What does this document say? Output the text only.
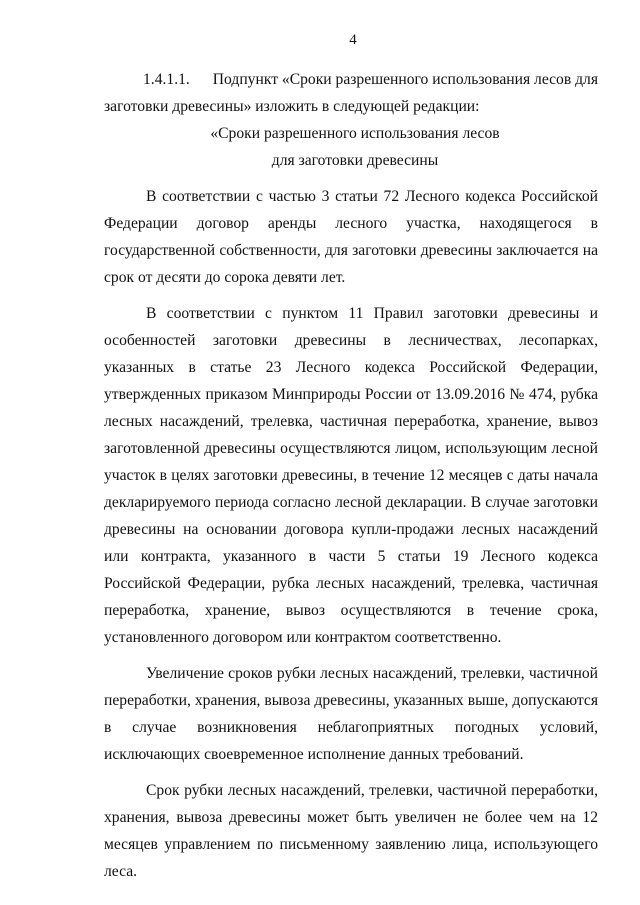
4
1.4.1.1.	Подпункт «Сроки разрешенного использования лесов для

заготовки древесины» изложить в следующей редакции:

«Сроки разрешенного использования лесов
для заготовки древесины

В соответствии с частью 3 статьи 72 Лесного кодекса Российской Федерации договор аренды лесного участка, находящегося в государственной собственности, для заготовки древесины заключается на срок от десяти до сорока девяти лет.

В соответствии с пунктом 11 Правил заготовки древесины и особенностей заготовки древесины в лесничествах, лесопарках, указанных в статье 23 Лесного кодекса Российской Федерации, утвержденных приказом Минприроды России от 13.09.2016 № 474, рубка лесных насаждений, трелевка, частичная переработка, хранение, вывоз заготовленной древесины осуществляются лицом, использующим лесной участок в целях заготовки древесины, в течение 12 месяцев с даты начала декларируемого периода согласно лесной декларации. В случае заготовки древесины на основании договора купли-продажи лесных насаждений или контракта, указанного в части 5 статьи 19 Лесного кодекса Российской Федерации, рубка лесных насаждений, трелевка, частичная переработка, хранение, вывоз осуществляются в течение срока, установленного договором или контрактом соответственно.

Увеличение сроков рубки лесных насаждений, трелевки, частичной переработки, хранения, вывоза древесины, указанных выше, допускаются в случае возникновения неблагоприятных погодных условий, исключающих своевременное исполнение данных требований.

Срок рубки лесных насаждений, трелевки, частичной переработки, хранения, вывоза древесины может быть увеличен не более чем на 12 месяцев управлением по письменному заявлению лица, использующего леса.
